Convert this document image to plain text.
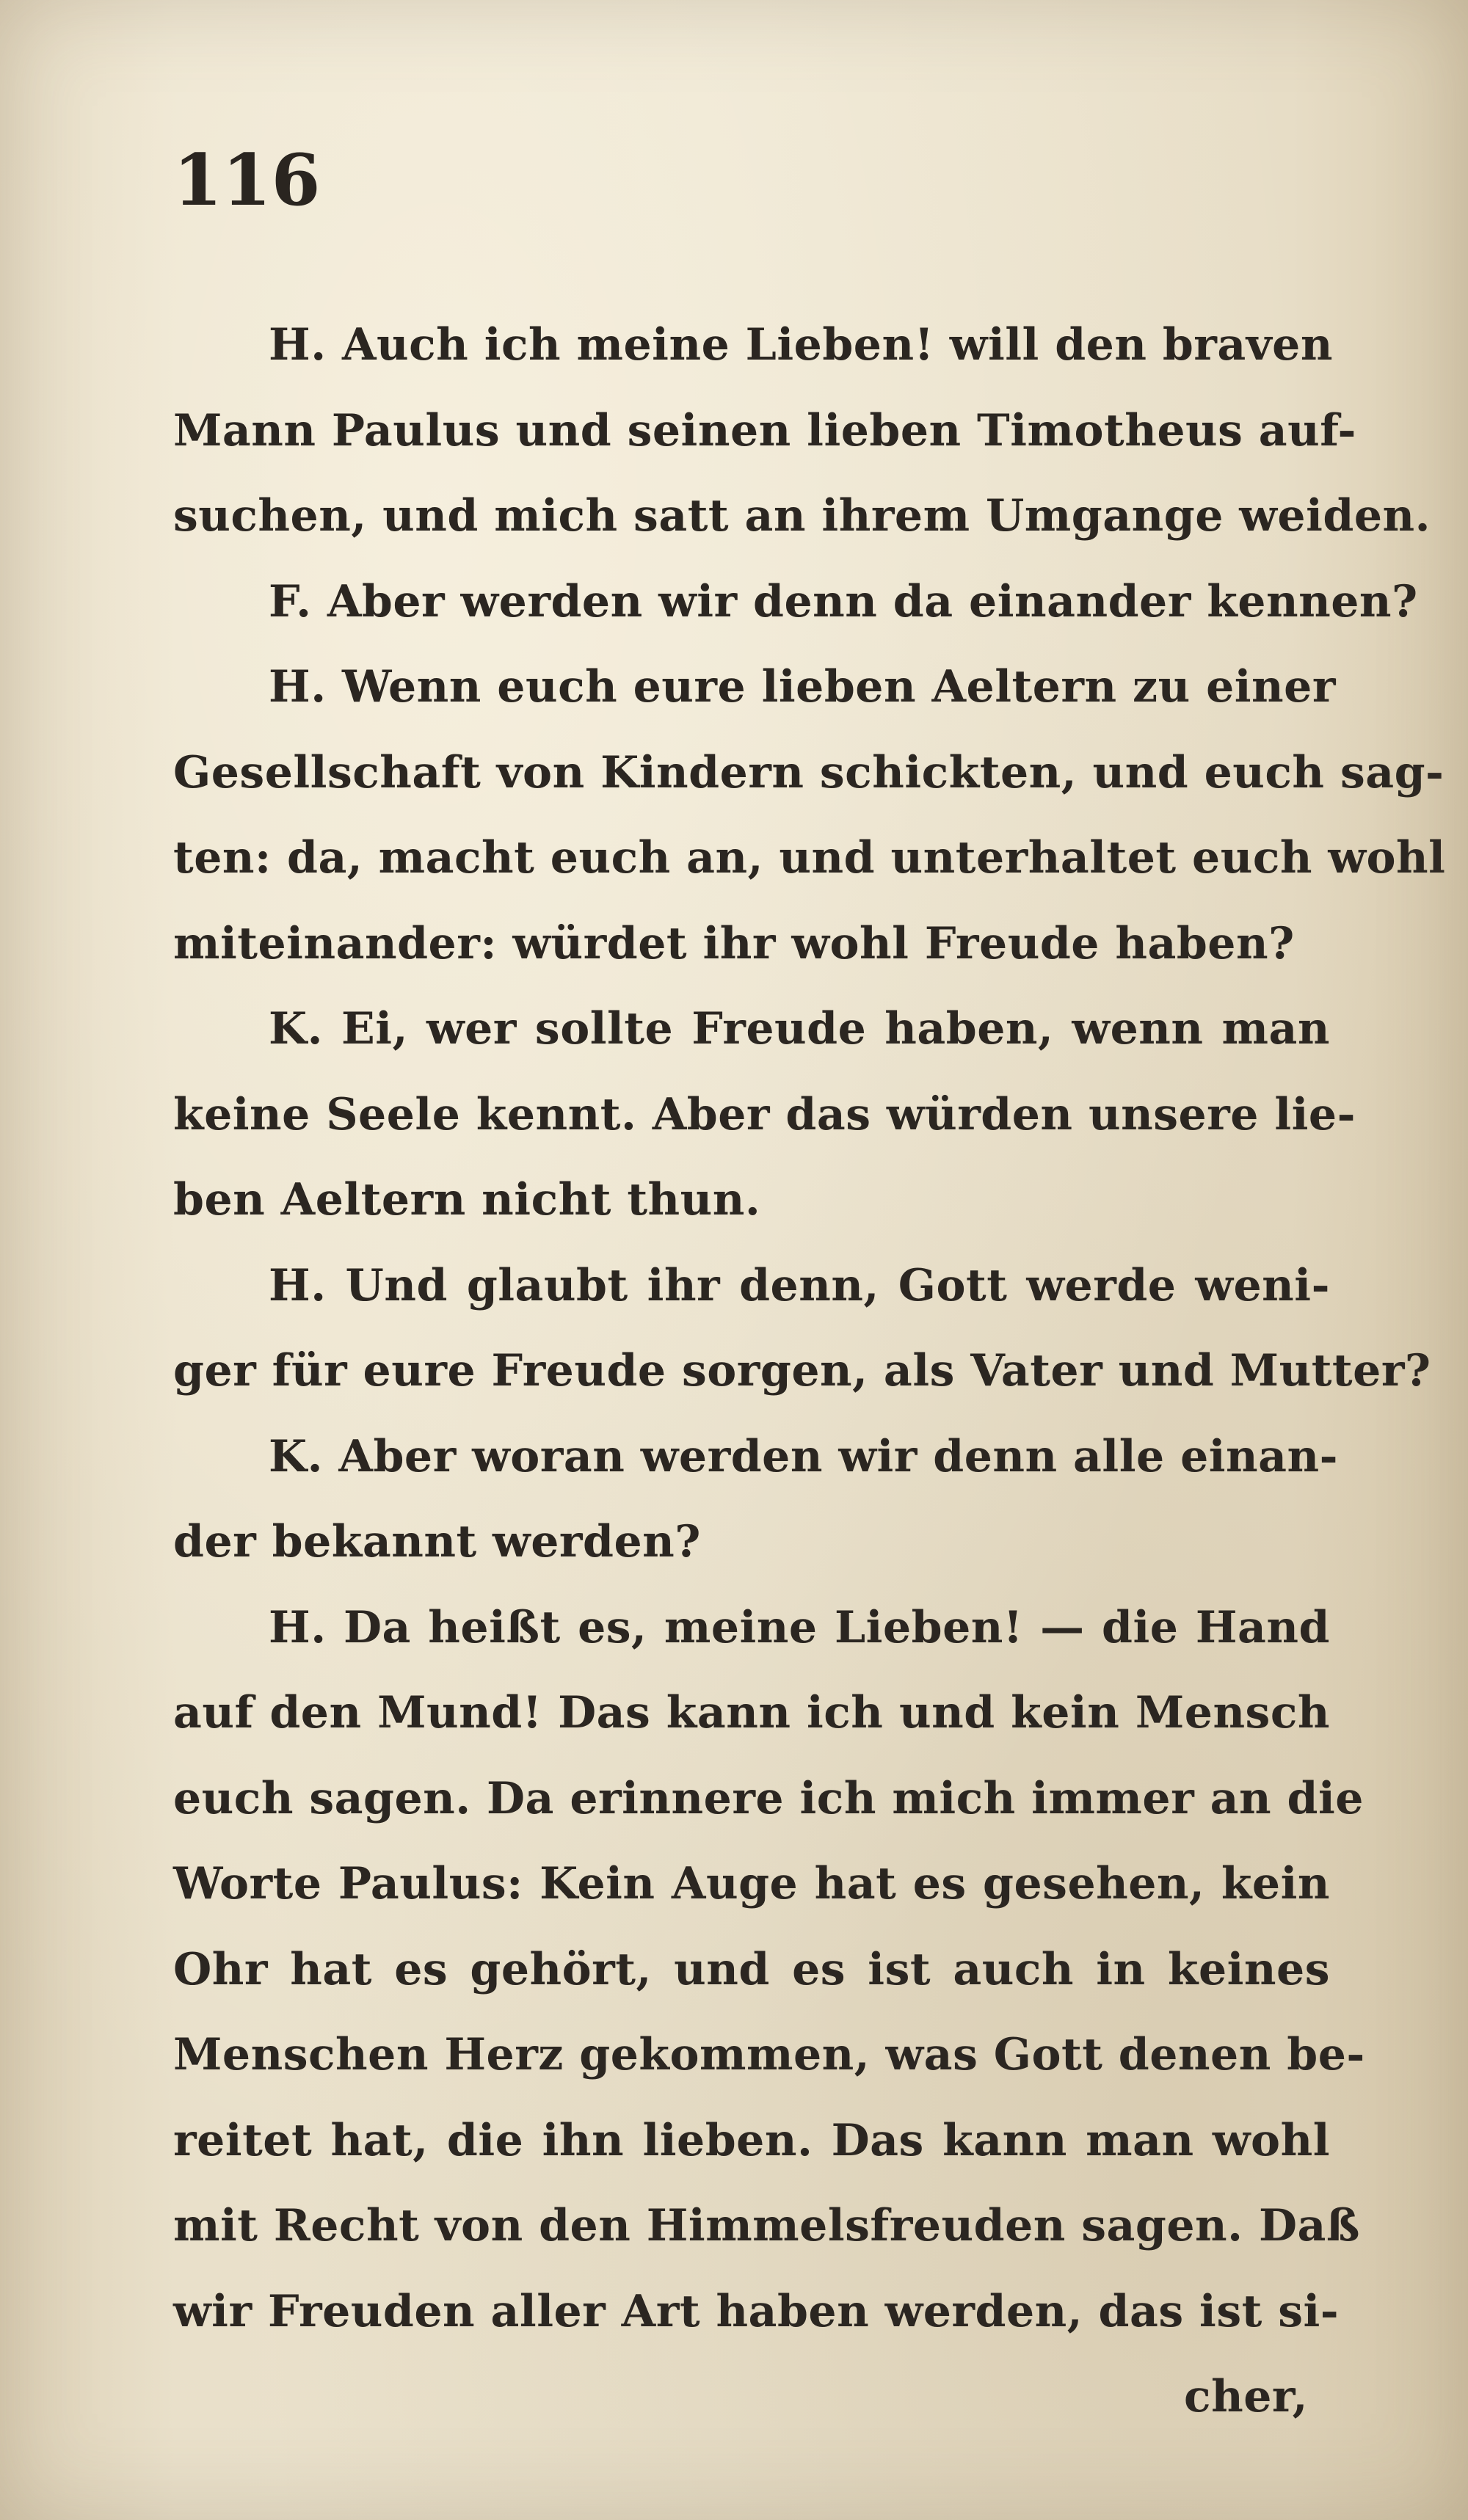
116
H. Auch ich meine Lieben! will den braven
Mann Paulus und seinen lieben Timotheus auf-
suchen, und mich satt an ihrem Umgange weiden.
F. Aber werden wir denn da einander kennen?
H. Wenn euch eure lieben Aeltern zu einer
Gesellschaft von Kindern schickten, und euch sag-
ten: da, macht euch an, und unterhaltet euch wohl
miteinander: würdet ihr wohl Freude haben?
K. Ei, wer sollte Freude haben, wenn man
keine Seele kennt. Aber das würden unsere lie-
ben Aeltern nicht thun.
H. Und glaubt ihr denn, Gott werde weni-
ger für eure Freude sorgen, als Vater und Mutter?
K. Aber woran werden wir denn alle einan-
der bekannt werden?
H. Da heißt es, meine Lieben! — die Hand
auf den Mund! Das kann ich und kein Mensch
euch sagen. Da erinnere ich mich immer an die
Worte Paulus: Kein Auge hat es gesehen, kein
Ohr hat es gehört, und es ist auch in keines
Menschen Herz gekommen, was Gott denen be-
reitet hat, die ihn lieben. Das kann man wohl
mit Recht von den Himmelsfreuden sagen. Daß
wir Freuden aller Art haben werden, das ist si-
cher,
